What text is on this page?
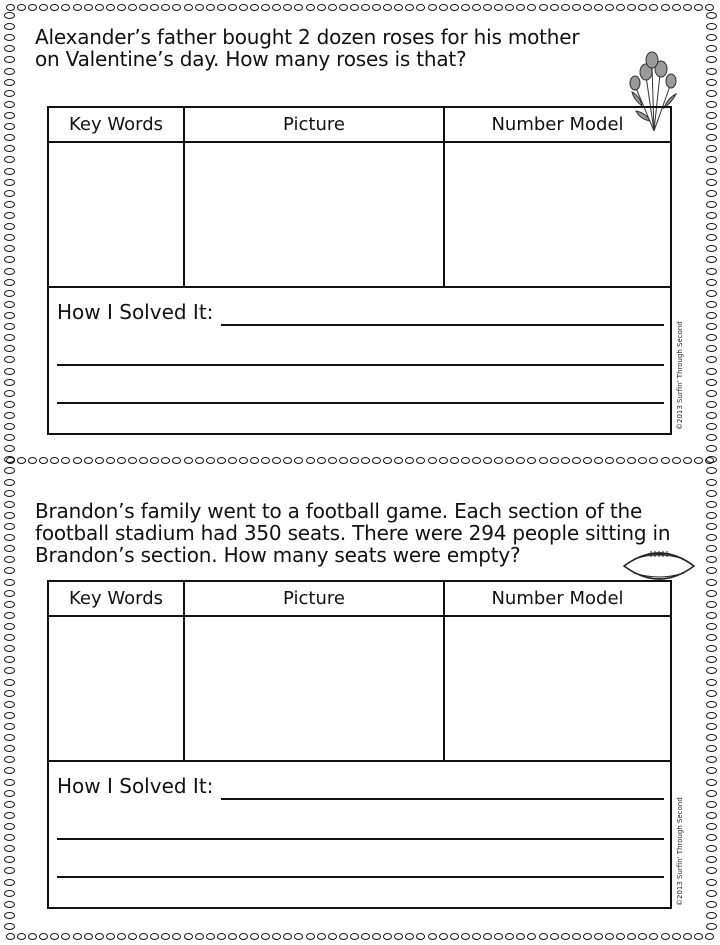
Alexander’s father bought 2 dozen roses for his mother
on Valentine’s day. How many roses is that?

Key Words	Picture	Number Model
How I Solved It:
©2013 Surfin' Through Second

Brandon’s family went to a football game. Each section of the
football stadium had 350 seats. There were 294 people sitting in
Brandon’s section. How many seats were empty?

Key Words	Picture	Number Model
How I Solved It:
©2013 Surfin' Through Second
